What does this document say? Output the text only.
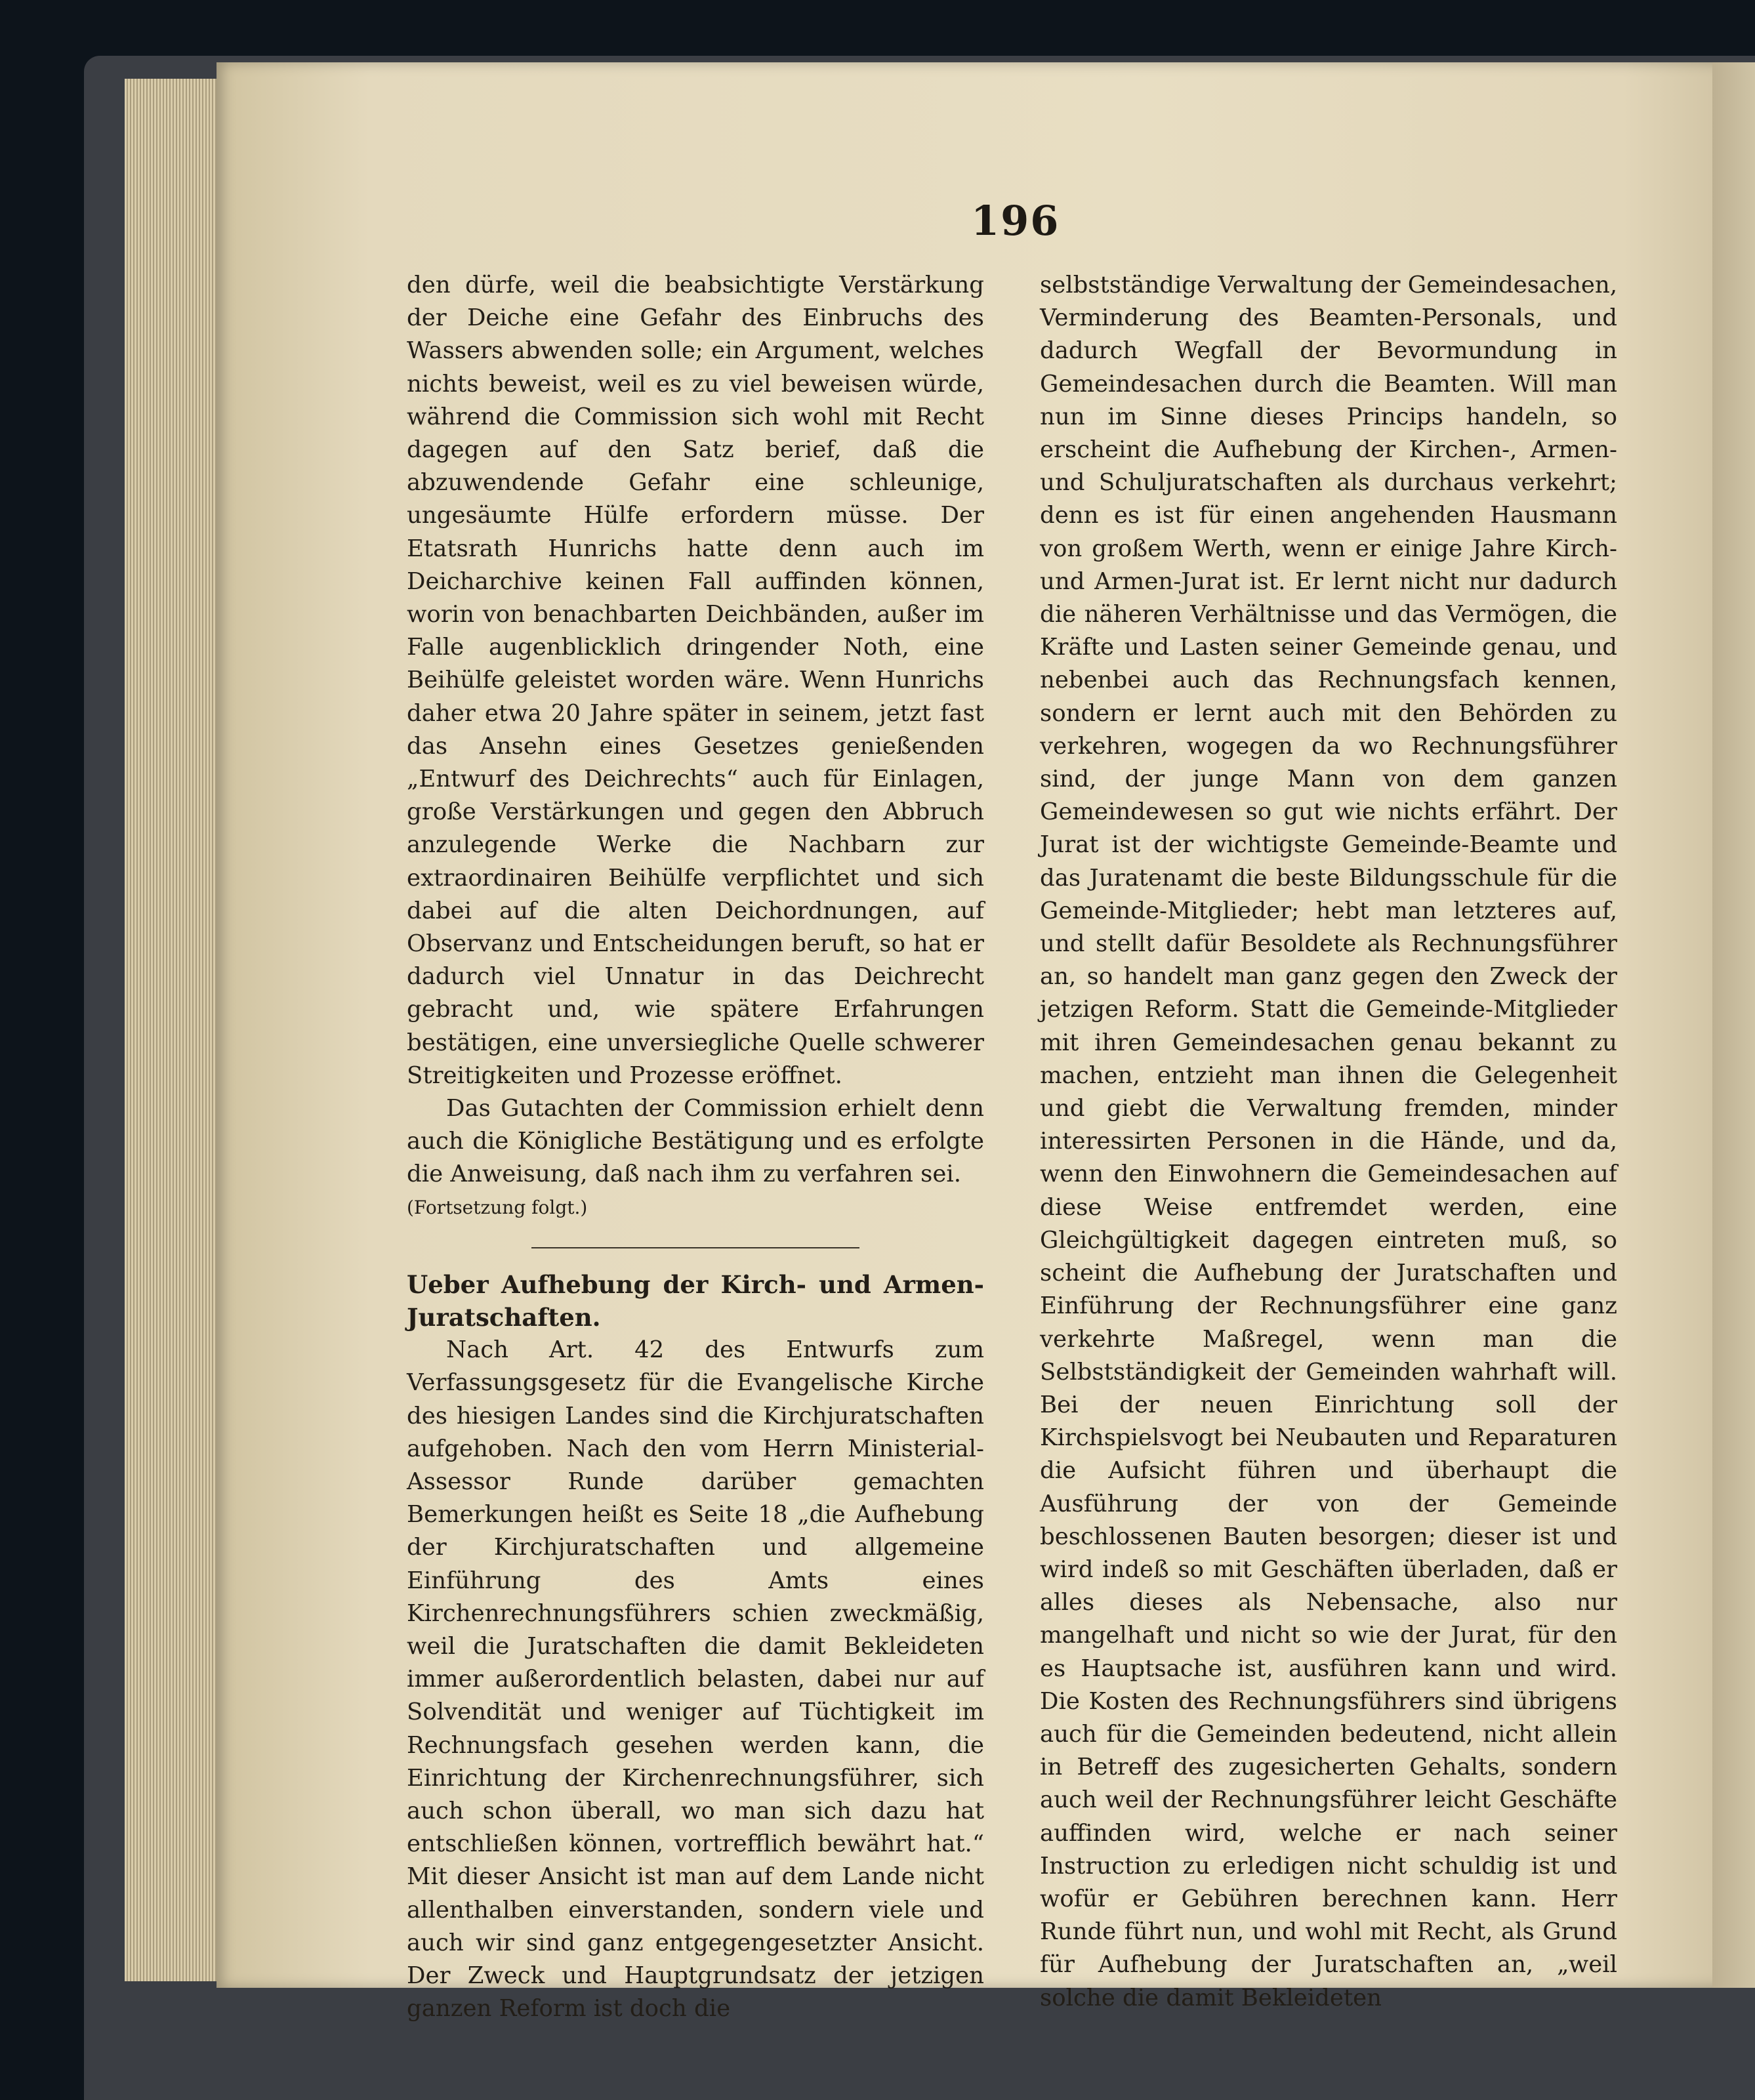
196

den dürfe, weil die beabsichtigte Verstärkung der Deiche eine Gefahr des Einbruchs des Wassers abwenden solle; ein Argument, welches nichts beweist, weil es zu viel beweisen würde, während die Commission sich wohl mit Recht dagegen auf den Satz berief, daß die abzuwendende Gefahr eine schleunige, ungesäumte Hülfe erfordern müsse. Der Etatsrath Hunrichs hatte denn auch im Deicharchive keinen Fall auffinden können, worin von benachbarten Deichbänden, außer im Falle augenblicklich dringender Noth, eine Beihülfe geleistet worden wäre. Wenn Hunrichs daher etwa 20 Jahre später in seinem, jetzt fast das Ansehn eines Gesetzes genießenden „Entwurf des Deichrechts“ auch für Einlagen, große Verstärkungen und gegen den Abbruch anzulegende Werke die Nachbarn zur extraordinairen Beihülfe verpflichtet und sich dabei auf die alten Deichordnungen, auf Observanz und Entscheidungen beruft, so hat er dadurch viel Unnatur in das Deichrecht gebracht und, wie spätere Erfahrungen bestätigen, eine unversiegliche Quelle schwerer Streitigkeiten und Prozesse eröffnet.

Das Gutachten der Commission erhielt denn auch die Königliche Bestätigung und es erfolgte die Anweisung, daß nach ihm zu verfahren sei.

(Fortsetzung folgt.)

Ueber Aufhebung der Kirch- und Armen-Juratschaften.

Nach Art. 42 des Entwurfs zum Verfassungsgesetz für die Evangelische Kirche des hiesigen Landes sind die Kirchjuratschaften aufgehoben. Nach den vom Herrn Ministerial-Assessor Runde darüber gemachten Bemerkungen heißt es Seite 18 „die Aufhebung der Kirchjuratschaften und allgemeine Einführung des Amts eines Kirchenrechnungsführers schien zweckmäßig, weil die Juratschaften die damit Bekleideten immer außerordentlich belasten, dabei nur auf Solvendität und weniger auf Tüchtigkeit im Rechnungsfach gesehen werden kann, die Einrichtung der Kirchenrechnungsführer, sich auch schon überall, wo man sich dazu hat entschließen können, vortrefflich bewährt hat.“ Mit dieser Ansicht ist man auf dem Lande nicht allenthalben einverstanden, sondern viele und auch wir sind ganz entgegengesetzter Ansicht. Der Zweck und Hauptgrundsatz der jetzigen ganzen Reform ist doch die

selbstständige Verwaltung der Gemeindesachen, Verminderung des Beamten-Personals, und dadurch Wegfall der Bevormundung in Gemeindesachen durch die Beamten. Will man nun im Sinne dieses Princips handeln, so erscheint die Aufhebung der Kirchen-, Armen- und Schuljuratschaften als durchaus verkehrt; denn es ist für einen angehenden Hausmann von großem Werth, wenn er einige Jahre Kirch- und Armen-Jurat ist. Er lernt nicht nur dadurch die näheren Verhältnisse und das Vermögen, die Kräfte und Lasten seiner Gemeinde genau, und nebenbei auch das Rechnungsfach kennen, sondern er lernt auch mit den Behörden zu verkehren, wogegen da wo Rechnungsführer sind, der junge Mann von dem ganzen Gemeindewesen so gut wie nichts erfährt. Der Jurat ist der wichtigste Gemeinde-Beamte und das Juratenamt die beste Bildungsschule für die Gemeinde-Mitglieder; hebt man letzteres auf, und stellt dafür Besoldete als Rechnungsführer an, so handelt man ganz gegen den Zweck der jetzigen Reform. Statt die Gemeinde-Mitglieder mit ihren Gemeindesachen genau bekannt zu machen, entzieht man ihnen die Gelegenheit und giebt die Verwaltung fremden, minder interessirten Personen in die Hände, und da, wenn den Einwohnern die Gemeindesachen auf diese Weise entfremdet werden, eine Gleichgültigkeit dagegen eintreten muß, so scheint die Aufhebung der Juratschaften und Einführung der Rechnungsführer eine ganz verkehrte Maßregel, wenn man die Selbstständigkeit der Gemeinden wahrhaft will. Bei der neuen Einrichtung soll der Kirchspielsvogt bei Neubauten und Reparaturen die Aufsicht führen und überhaupt die Ausführung der von der Gemeinde beschlossenen Bauten besorgen; dieser ist und wird indeß so mit Geschäften überladen, daß er alles dieses als Nebensache, also nur mangelhaft und nicht so wie der Jurat, für den es Hauptsache ist, ausführen kann und wird. Die Kosten des Rechnungsführers sind übrigens auch für die Gemeinden bedeutend, nicht allein in Betreff des zugesicherten Gehalts, sondern auch weil der Rechnungsführer leicht Geschäfte auffinden wird, welche er nach seiner Instruction zu erledigen nicht schuldig ist und wofür er Gebühren berechnen kann. Herr Runde führt nun, und wohl mit Recht, als Grund für Aufhebung der Juratschaften an, „weil solche die damit Bekleideten
